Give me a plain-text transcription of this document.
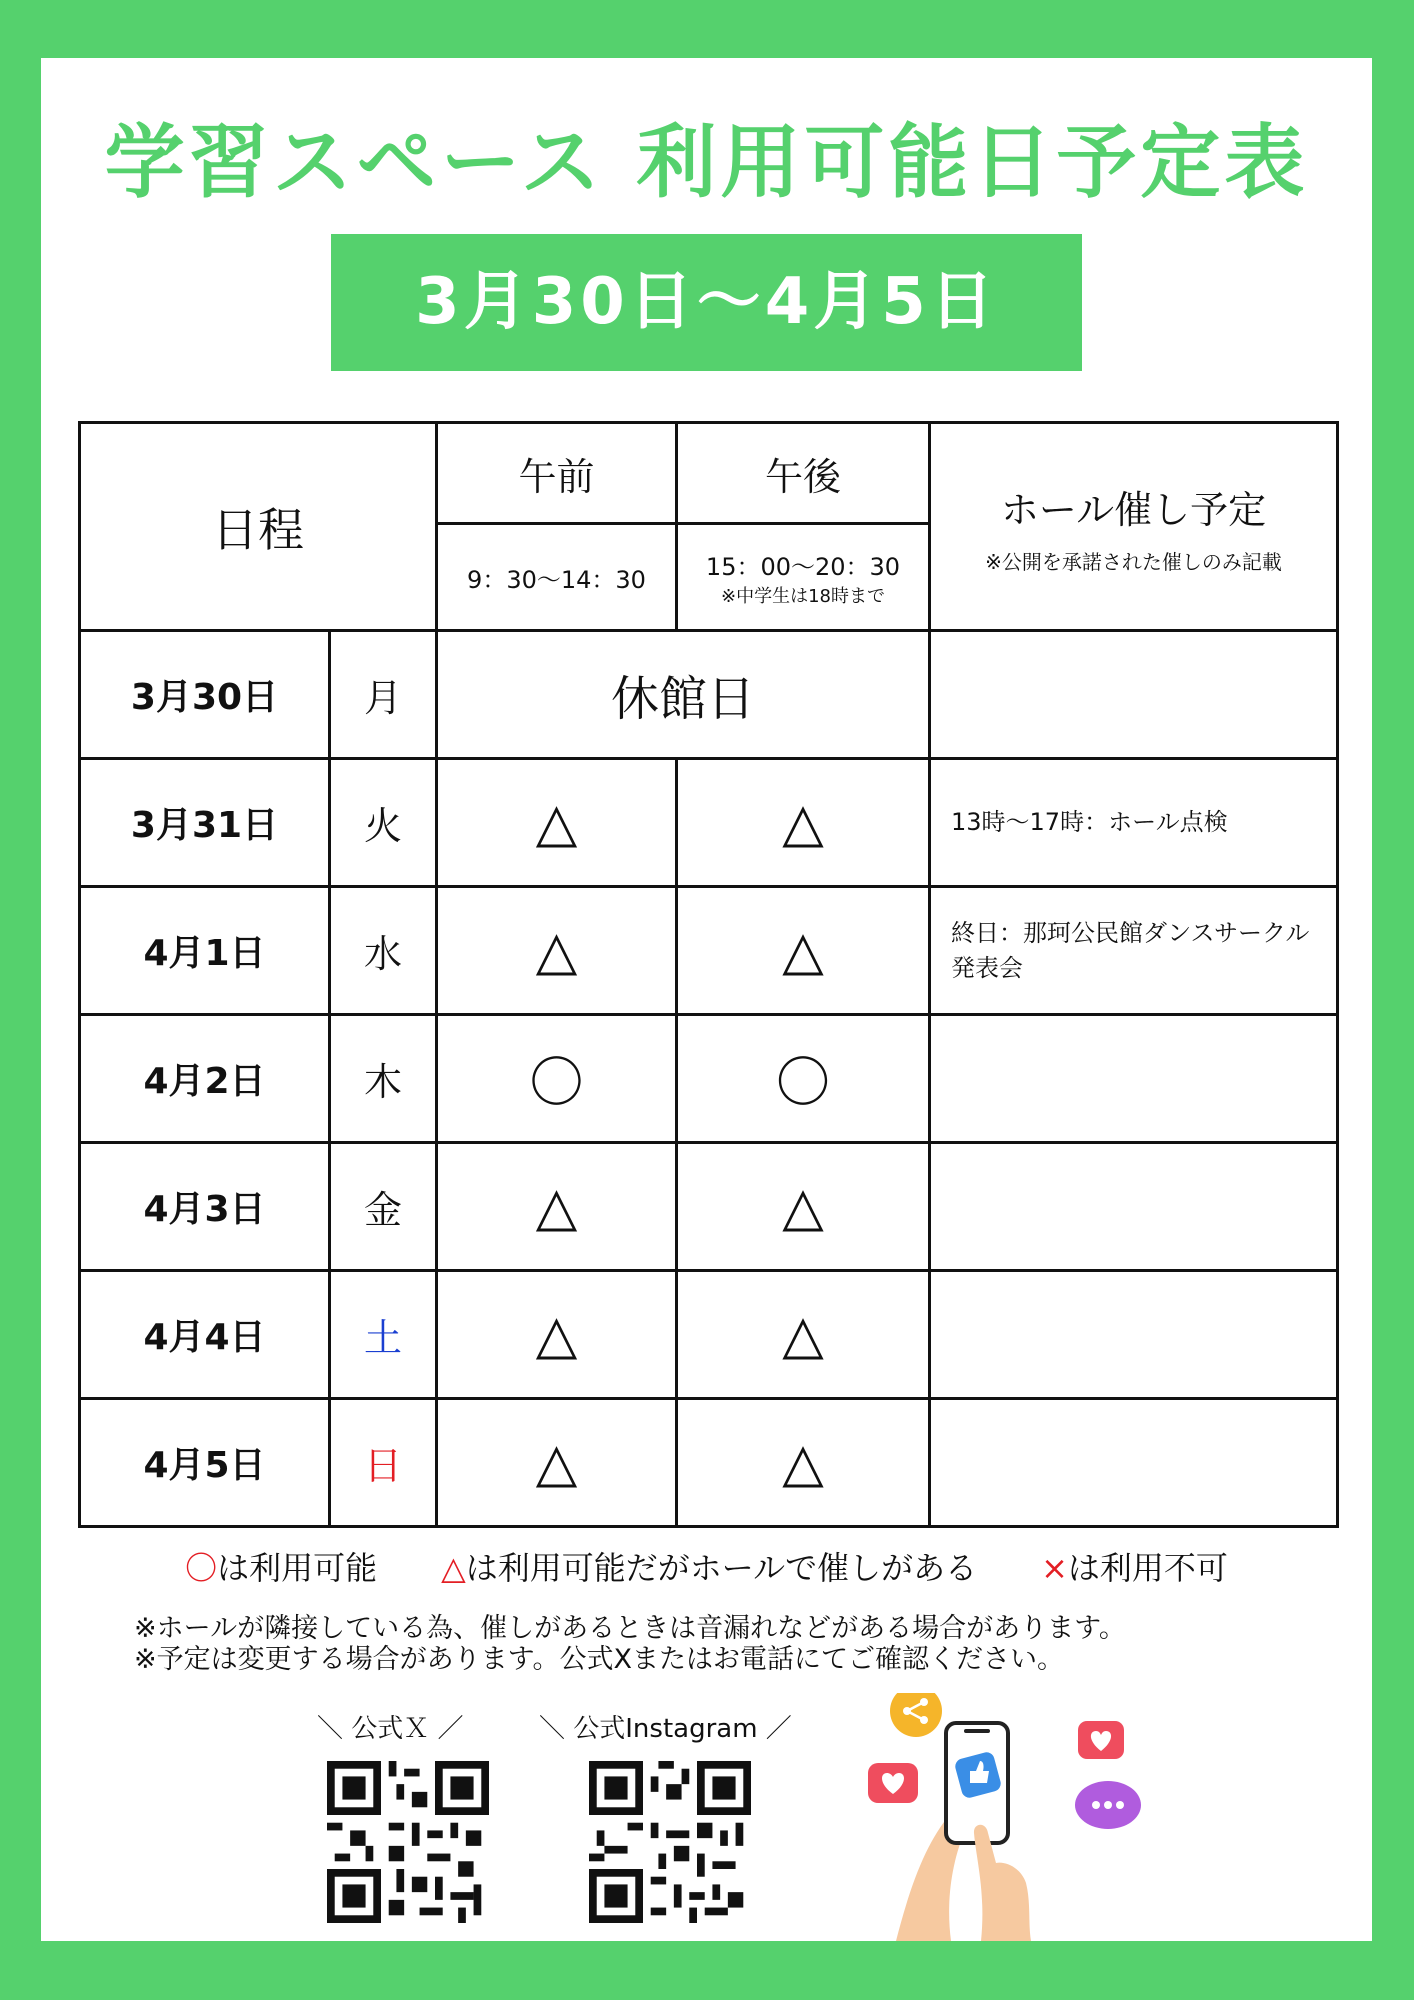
学習スペース 利用可能日予定表
3月30日～4月5日
日程		午前	午後	ホール催し予定
※公開を承諾された催しのみ記載

		9：30～14：30	15：00～20：30
※中学生は18時まで	

3月30日	月	休館日		
3月31日	火	△	△	13時～17時：ホール点検
4月1日	水	△	△	終日：那珂公民館ダンスサークル発表会
4月2日	木	〇	〇	
4月3日	金	△	△	
4月4日	土	△	△	
4月5日	日	△	△	
〇は利用可能 △は利用可能だがホールで催しがある ×は利用不可
※ホールが隣接している為、催しがあるときは音漏れなどがある場合があります。
※予定は変更する場合があります。公式Xまたはお電話にてご確認ください。
＼ 公式Ｘ ／	＼ 公式Instagram ／
